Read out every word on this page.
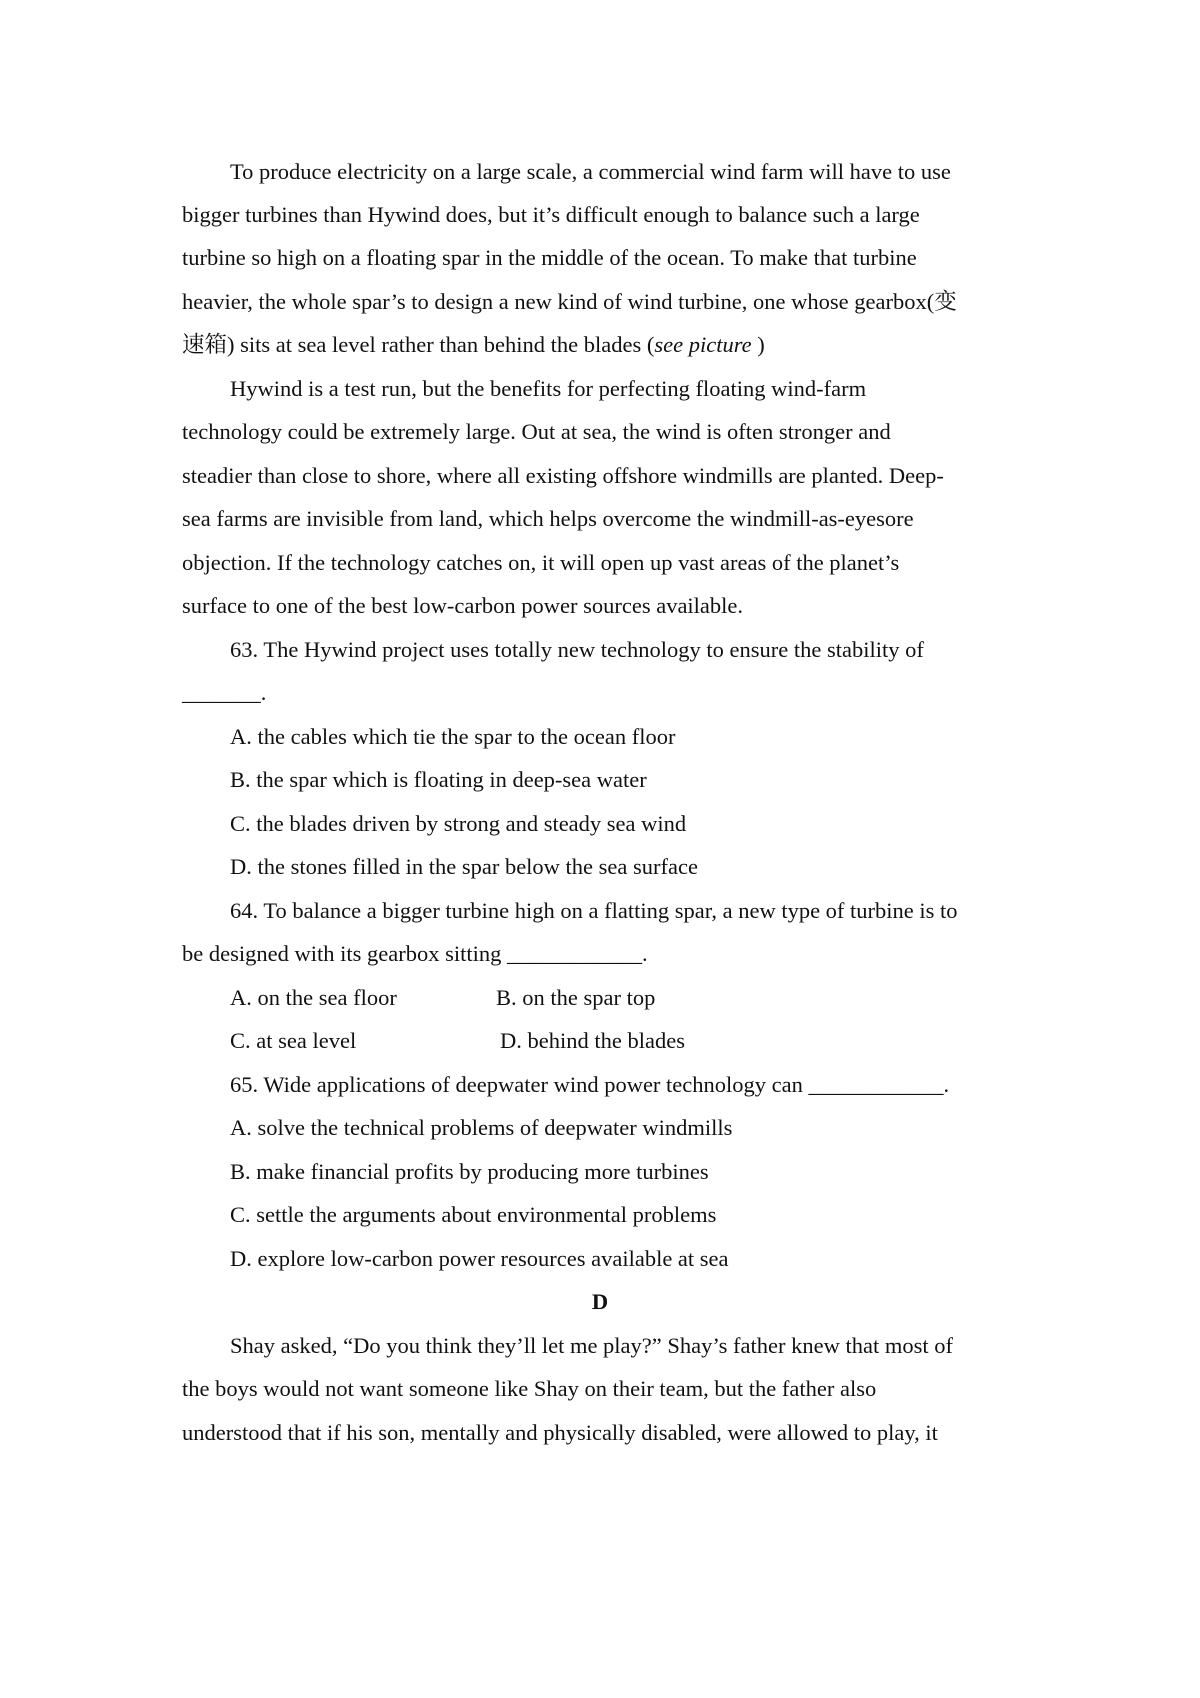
To produce electricity on a large scale, a commercial wind farm will have to use
bigger turbines than Hywind does, but it’s difficult enough to balance such a large
turbine so high on a floating spar in the middle of the ocean. To make that turbine
heavier, the whole spar’s to design a new kind of wind turbine, one whose gearbox(变
速箱) sits at sea level rather than behind the blades (see picture )
Hywind is a test run, but the benefits for perfecting floating wind-farm
technology could be extremely large. Out at sea, the wind is often stronger and
steadier than close to shore, where all existing offshore windmills are planted. Deep-
sea farms are invisible from land, which helps overcome the windmill-as-eyesore
objection. If the technology catches on, it will open up vast areas of the planet’s
surface to one of the best low-carbon power sources available.
63. The Hywind project uses totally new technology to ensure the stability of
_______.
A. the cables which tie the spar to the ocean floor
B. the spar which is floating in deep-sea water
C. the blades driven by strong and steady sea wind
D. the stones filled in the spar below the sea surface
64. To balance a bigger turbine high on a flatting spar, a new type of turbine is to
be designed with its gearbox sitting ____________.
A. on the sea floor	B. on the spar top
C. at sea level	D. behind the blades
65. Wide applications of deepwater wind power technology can ____________.
A. solve the technical problems of deepwater windmills
B. make financial profits by producing more turbines
C. settle the arguments about environmental problems
D. explore low-carbon power resources available at sea
D
Shay asked, “Do you think they’ll let me play?” Shay’s father knew that most of
the boys would not want someone like Shay on their team, but the father also
understood that if his son, mentally and physically disabled, were allowed to play, it
